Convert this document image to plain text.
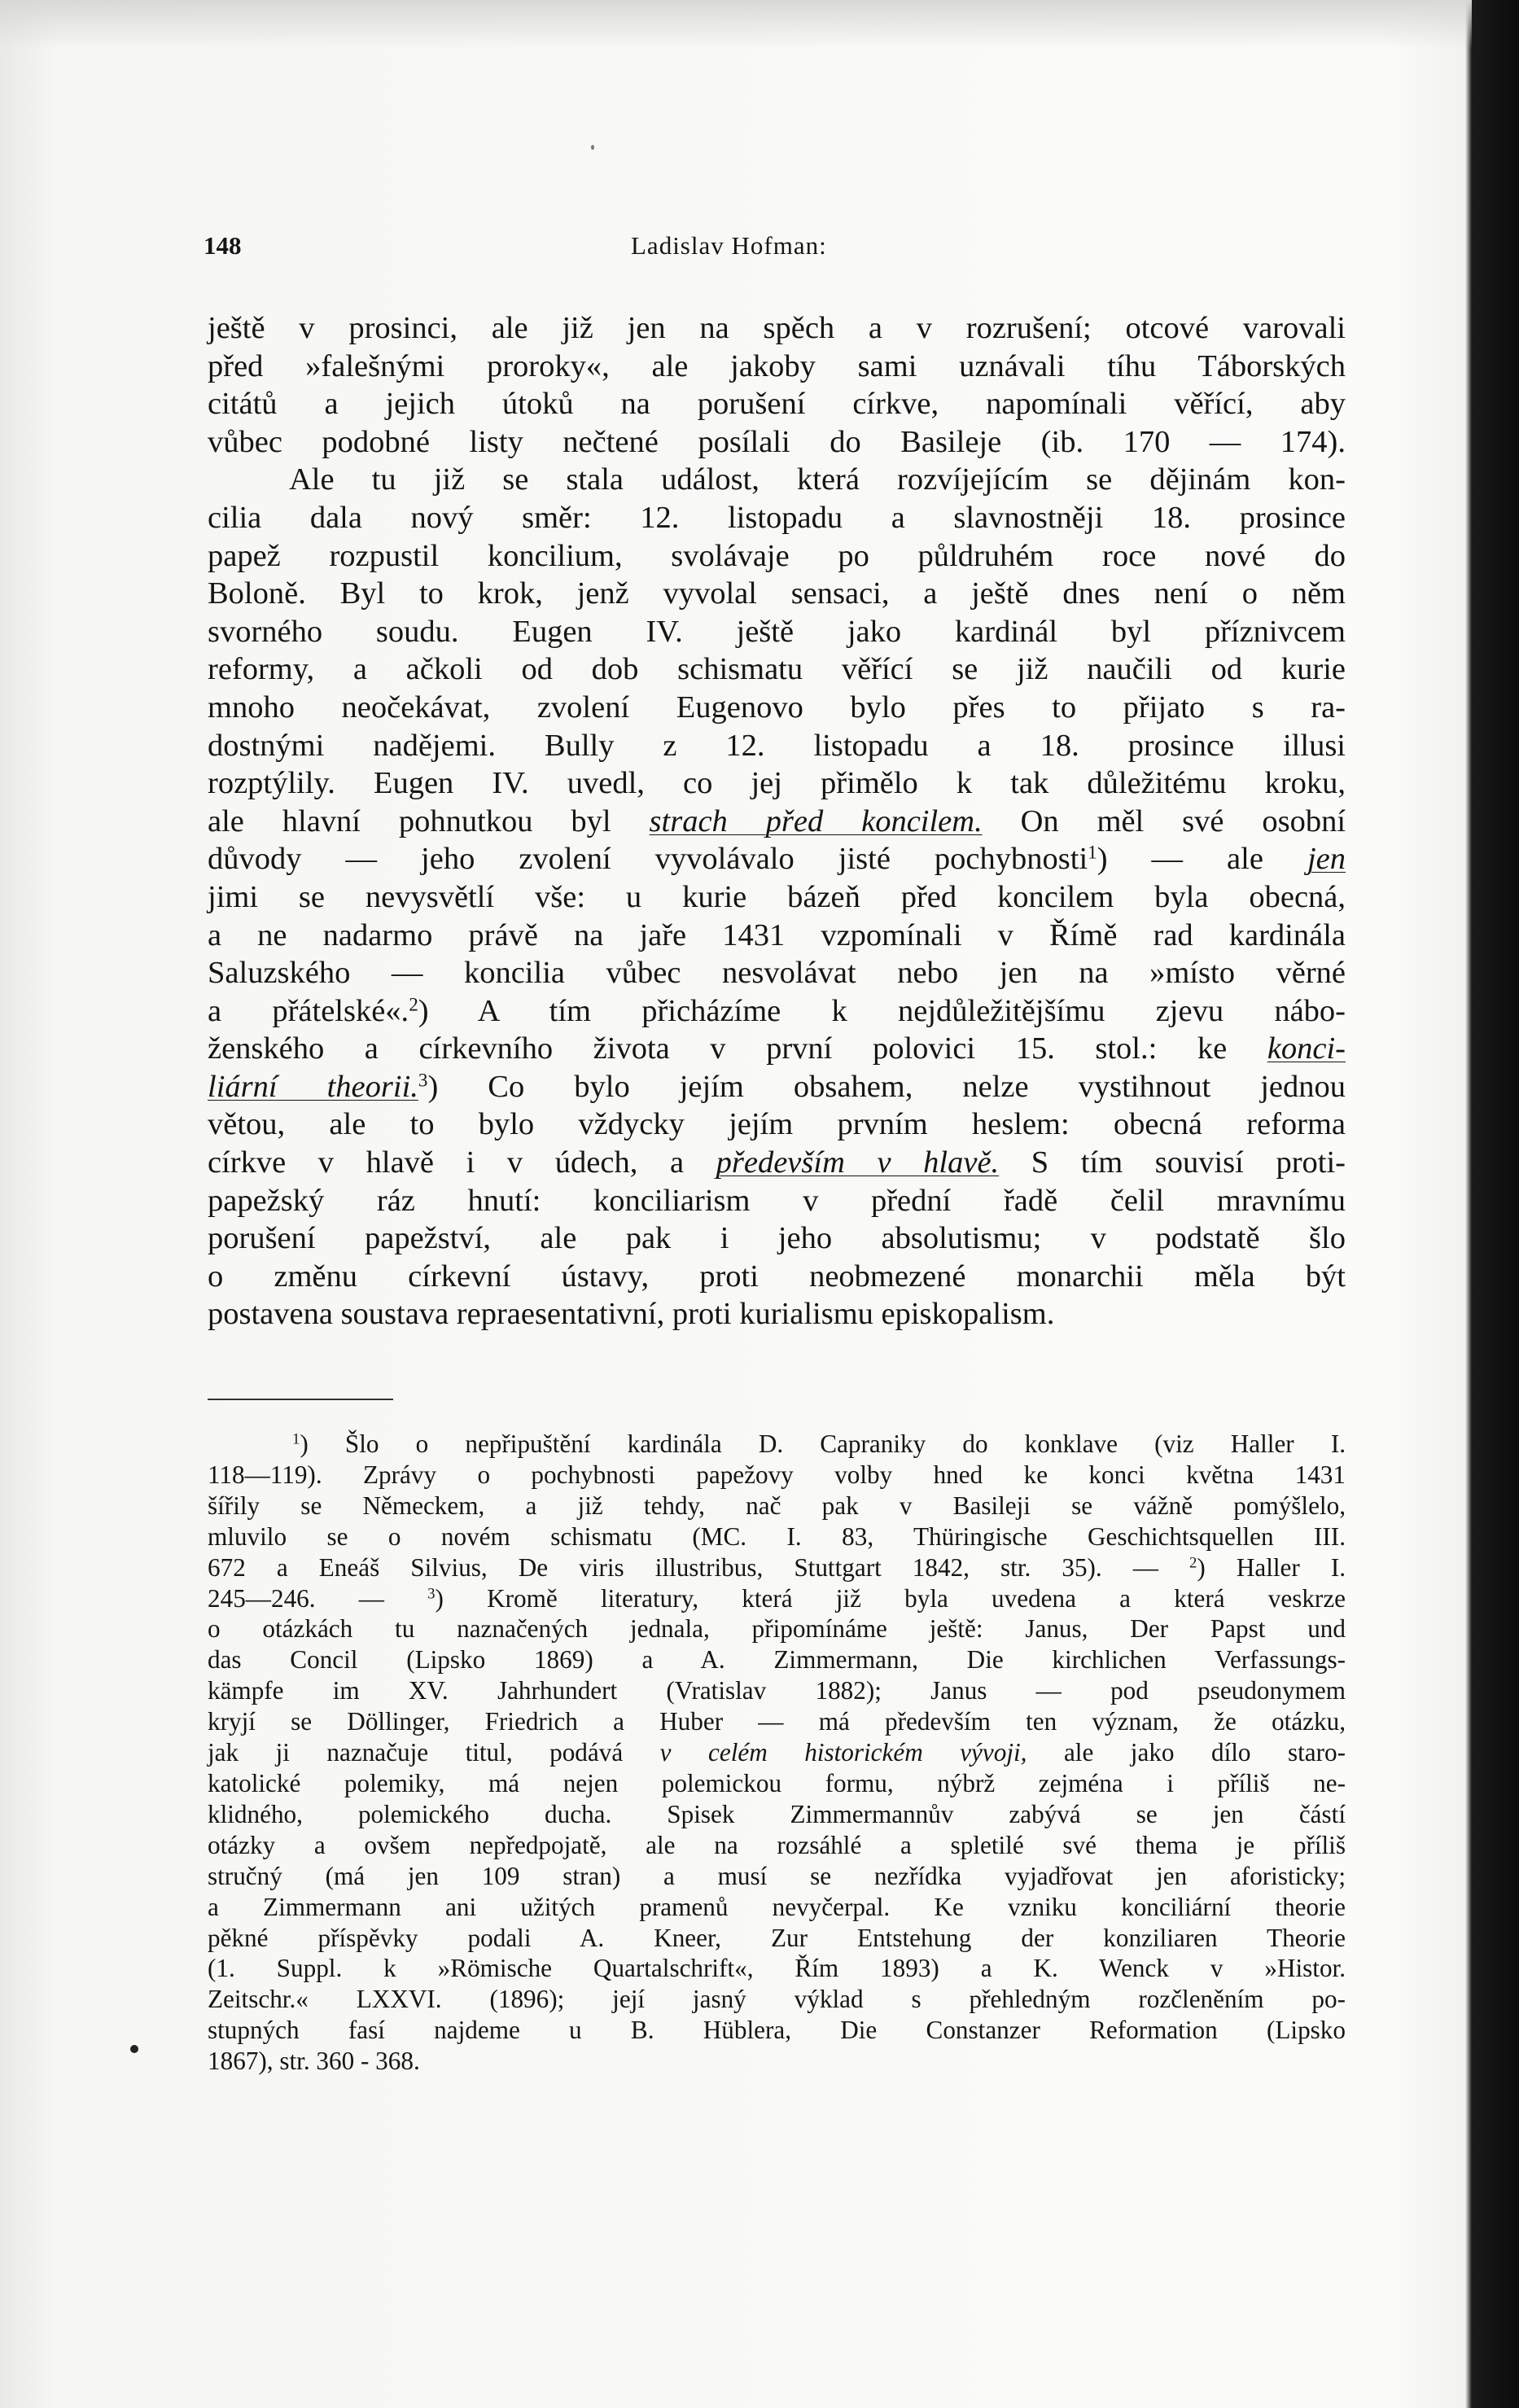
148	Ladislav Hofman:
ještě v prosinci, ale již jen na spěch a v rozrušení; otcové varovali
před »falešnými proroky«, ale jakoby sami uznávali tíhu Táborských
citátů a jejich útoků na porušení církve, napomínali věřící, aby
vůbec podobné listy nečtené posílali do Basileje (ib. 170 — 174).
Ale tu již se stala událost, která rozvíjejícím se dějinám kon-
cilia dala nový směr: 12. listopadu a slavnostněji 18. prosince
papež rozpustil koncilium, svolávaje po půldruhém roce nové do
Boloně. Byl to krok, jenž vyvolal sensaci, a ještě dnes není o něm
svorného soudu. Eugen IV. ještě jako kardinál byl příznivcem
reformy, a ačkoli od dob schismatu věřící se již naučili od kurie
mnoho neočekávat, zvolení Eugenovo bylo přes to přijato s ra-
dostnými nadějemi. Bully z 12. listopadu a 18. prosince illusi
rozptýlily. Eugen IV. uvedl, co jej přimělo k tak důležitému kroku,
ale hlavní pohnutkou byl strach před koncilem. On měl své osobní
důvody — jeho zvolení vyvolávalo jisté pochybnosti$^1$) — ale jen
jimi se nevysvětlí vše: u kurie bázeň před koncilem byla obecná,
a ne nadarmo právě na jaře 1431 vzpomínali v Římě rad kardinála
Saluzského — koncilia vůbec nesvolávat nebo jen na »místo věrné
a přátelské«.$^2$) A tím přicházíme k nejdůležitějšímu zjevu nábo-
ženského a církevního života v první polovici 15. stol.: ke konci-
liární theorii.$^3$) Co bylo jejím obsahem, nelze vystihnout jednou
větou, ale to bylo vždycky jejím prvním heslem: obecná reforma
církve v hlavě i v údech, a především v hlavě. S tím souvisí proti-
papežský ráz hnutí: konciliarism v přední řadě čelil mravnímu
porušení papežství, ale pak i jeho absolutismu; v podstatě šlo
o změnu církevní ústavy, proti neobmezené monarchii měla být
postavena soustava repraesentativní, proti kurialismu episkopalism.
$^1$) Šlo o nepřipuštění kardinála D. Capraniky do konklave (viz Haller I.
118—119). Zprávy o pochybnosti papežovy volby hned ke konci května 1431
šířily se Německem, a již tehdy, nač pak v Basileji se vážně pomýšlelo,
mluvilo se o novém schismatu (MC. I. 83, Thüringische Geschichtsquellen III.
672 a Eneáš Silvius, De viris illustribus, Stuttgart 1842, str. 35). — $^2$) Haller I.
245—246. —	$^3$) Kromě literatury, která již byla uvedena a která veskrze
o otázkách tu naznačených jednala, připomínáme ještě: Janus, Der Papst und
das Concil (Lipsko 1869) a A. Zimmermann, Die kirchlichen Verfassungs-
kämpfe im XV. Jahrhundert (Vratislav 1882); Janus — pod pseudonymem
kryjí se Döllinger, Friedrich a Huber — má především ten význam, že otázku,
jak ji naznačuje titul, podává v celém historickém vývoji, ale jako dílo staro-
katolické polemiky, má nejen polemickou formu, nýbrž zejména i příliš ne-
klidného, polemického ducha. Spisek Zimmermannův zabývá se jen částí
otázky a ovšem nepředpojatě, ale na rozsáhlé a spletilé své thema je příliš
stručný (má jen 109 stran) a musí se nezřídka vyjadřovat jen aforisticky;
a Zimmermann ani užitých pramenů nevyčerpal. Ke vzniku konciliární theorie
pěkné příspěvky podali A. Kneer, Zur Entstehung der konziliaren Theorie
(1. Suppl. k »Römische Quartalschrift«, Řím 1893) a K. Wenck v »Histor.
Zeitschr.« LXXVI. (1896); její jasný výklad s přehledným rozčleněním po-
stupných fasí najdeme u B. Hüblera, Die Constanzer Reformation (Lipsko
1867), str. 360 - 368.
